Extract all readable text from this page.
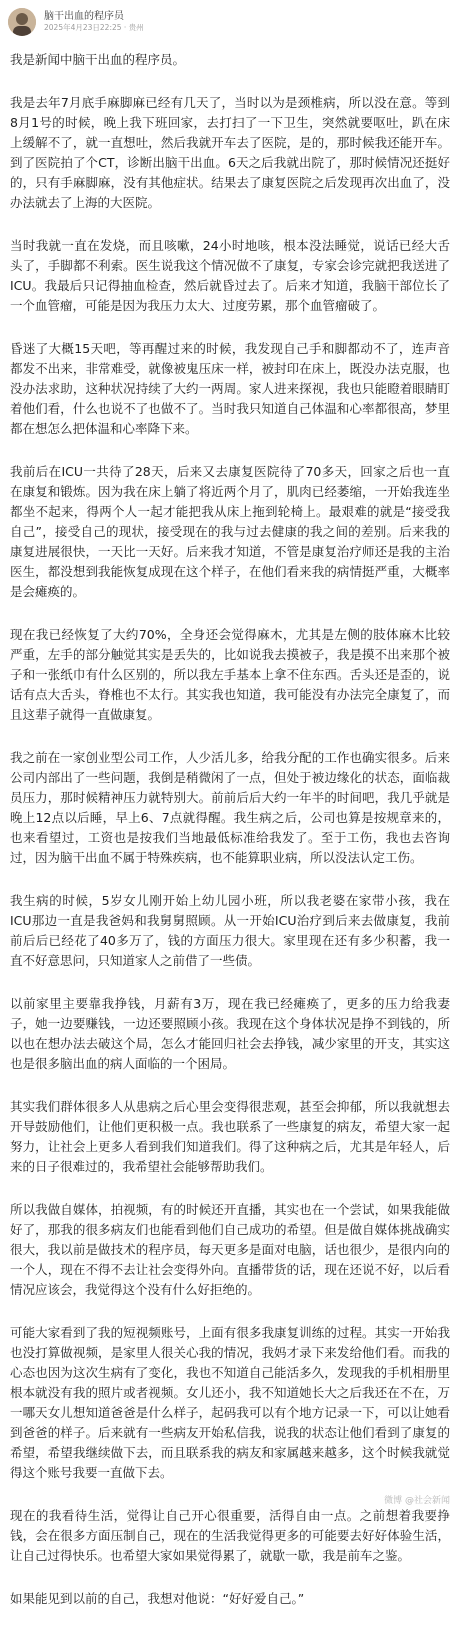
脑干出血的程序员
2025年4月23日22:25 · 贵州

我是新闻中脑干出血的程序员。

我是去年7月底手麻脚麻已经有几天了，当时以为是颈椎病，所以没在意。等到8月1号的时候，晚上我下班回家，去打扫了一下卫生，突然就要呕吐，趴在床上缓解不了，就一直想吐，然后我就开车去了医院，是的，那时候我还能开车。到了医院拍了个CT，诊断出脑干出血。6天之后我就出院了，那时候情况还挺好的，只有手麻脚麻，没有其他症状。结果去了康复医院之后发现再次出血了，没办法就去了上海的大医院。

当时我就一直在发烧，而且咳嗽，24小时地咳，根本没法睡觉，说话已经大舌头了，手脚都不利索。医生说我这个情况做不了康复，专家会诊完就把我送进了ICU。我最后只记得抽血检查，然后就昏过去了。后来才知道，我脑干部位长了一个血管瘤，可能是因为我压力太大、过度劳累，那个血管瘤破了。

昏迷了大概15天吧，等再醒过来的时候，我发现自己手和脚都动不了，连声音都发不出来，非常难受，就像被鬼压床一样，被封印在床上，既没办法克服，也没办法求助，这种状况持续了大约一两周。家人进来探视，我也只能瞪着眼睛盯着他们看，什么也说不了也做不了。当时我只知道自己体温和心率都很高，梦里都在想怎么把体温和心率降下来。

我前后在ICU一共待了28天，后来又去康复医院待了70多天，回家之后也一直在康复和锻炼。因为我在床上躺了将近两个月了，肌肉已经萎缩，一开始我连坐都坐不起来，得两个人一起才能把我从床上拖到轮椅上。最艰难的就是“接受我自己”，接受自己的现状，接受现在的我与过去健康的我之间的差别。后来我的康复进展很快，一天比一天好。后来我才知道，不管是康复治疗师还是我的主治医生，都没想到我能恢复成现在这个样子，在他们看来我的病情挺严重，大概率是会瘫痪的。

现在我已经恢复了大约70%，全身还会觉得麻木，尤其是左侧的肢体麻木比较严重，左手的部分触觉其实是丢失的，比如说我去摸被子，我是摸不出来那个被子和一张纸巾有什么区别的，所以我左手基本上拿不住东西。舌头还是歪的，说话有点大舌头，脊椎也不太行。其实我也知道，我可能没有办法完全康复了，而且这辈子就得一直做康复。

我之前在一家创业型公司工作，人少活儿多，给我分配的工作也确实很多。后来公司内部出了一些问题，我倒是稍微闲了一点，但处于被边缘化的状态，面临裁员压力，那时候精神压力就特别大。前前后后大约一年半的时间吧，我几乎就是晚上12点以后睡，早上6、7点就得醒。我生病之后，公司也算是按规章来的，也来看望过，工资也是按我们当地最低标准给我发了。至于工伤，我也去咨询过，因为脑干出血不属于特殊疾病，也不能算职业病，所以没法认定工伤。

我生病的时候，5岁女儿刚开始上幼儿园小班，所以我老婆在家带小孩，我在ICU那边一直是我爸妈和我舅舅照顾。从一开始ICU治疗到后来去做康复，我前前后后已经花了40多万了，钱的方面压力很大。家里现在还有多少积蓄，我一直不好意思问，只知道家人之前借了一些债。

以前家里主要靠我挣钱，月薪有3万，现在我已经瘫痪了，更多的压力给我妻子，她一边要赚钱，一边还要照顾小孩。我现在这个身体状况是挣不到钱的，所以也在想办法去破这个局，怎么才能回归社会去挣钱，减少家里的开支，其实这也是很多脑出血的病人面临的一个困局。

其实我们群体很多人从患病之后心里会变得很悲观，甚至会抑郁，所以我就想去开导鼓励他们，让他们更积极一点。我也联系了一些康复的病友，希望大家一起努力，让社会上更多人看到我们知道我们。得了这种病之后，尤其是年轻人，后来的日子很难过的，我希望社会能够帮助我们。

所以我做自媒体，拍视频，有的时候还开直播，其实也在一个尝试，如果我能做好了，那我的很多病友们也能看到他们自己成功的希望。但是做自媒体挑战确实很大，我以前是做技术的程序员，每天更多是面对电脑，话也很少，是很内向的一个人，现在不得不去让社会变得外向。直播带货的话，现在还说不好，以后看情况应该会，我觉得这个没有什么好拒绝的。

可能大家看到了我的短视频账号，上面有很多我康复训练的过程。其实一开始我也没打算做视频，是家里人很关心我的情况，我妈才录下来发给他们看。而我的心态也因为这次生病有了变化，我也不知道自己能活多久，发现我的手机相册里根本就没有我的照片或者视频。女儿还小，我不知道她长大之后我还在不在，万一哪天女儿想知道爸爸是什么样子，起码我可以有个地方记录一下，可以让她看到爸爸的样子。后来就有一些病友开始私信我，说我的状态让他们看到了康复的希望，希望我继续做下去，而且联系我的病友和家属越来越多，这个时候我就觉得这个账号我要一直做下去。

现在的我看待生活，觉得让自己开心很重要，活得自由一点。之前想着我要挣钱，会在很多方面压制自己，现在的生活我觉得更多的可能要去好好体验生活，让自己过得快乐。也希望大家如果觉得累了，就歇一歇，我是前车之鉴。

如果能见到以前的自己，我想对他说：“好好爱自己。”

微博 @社会新闻
